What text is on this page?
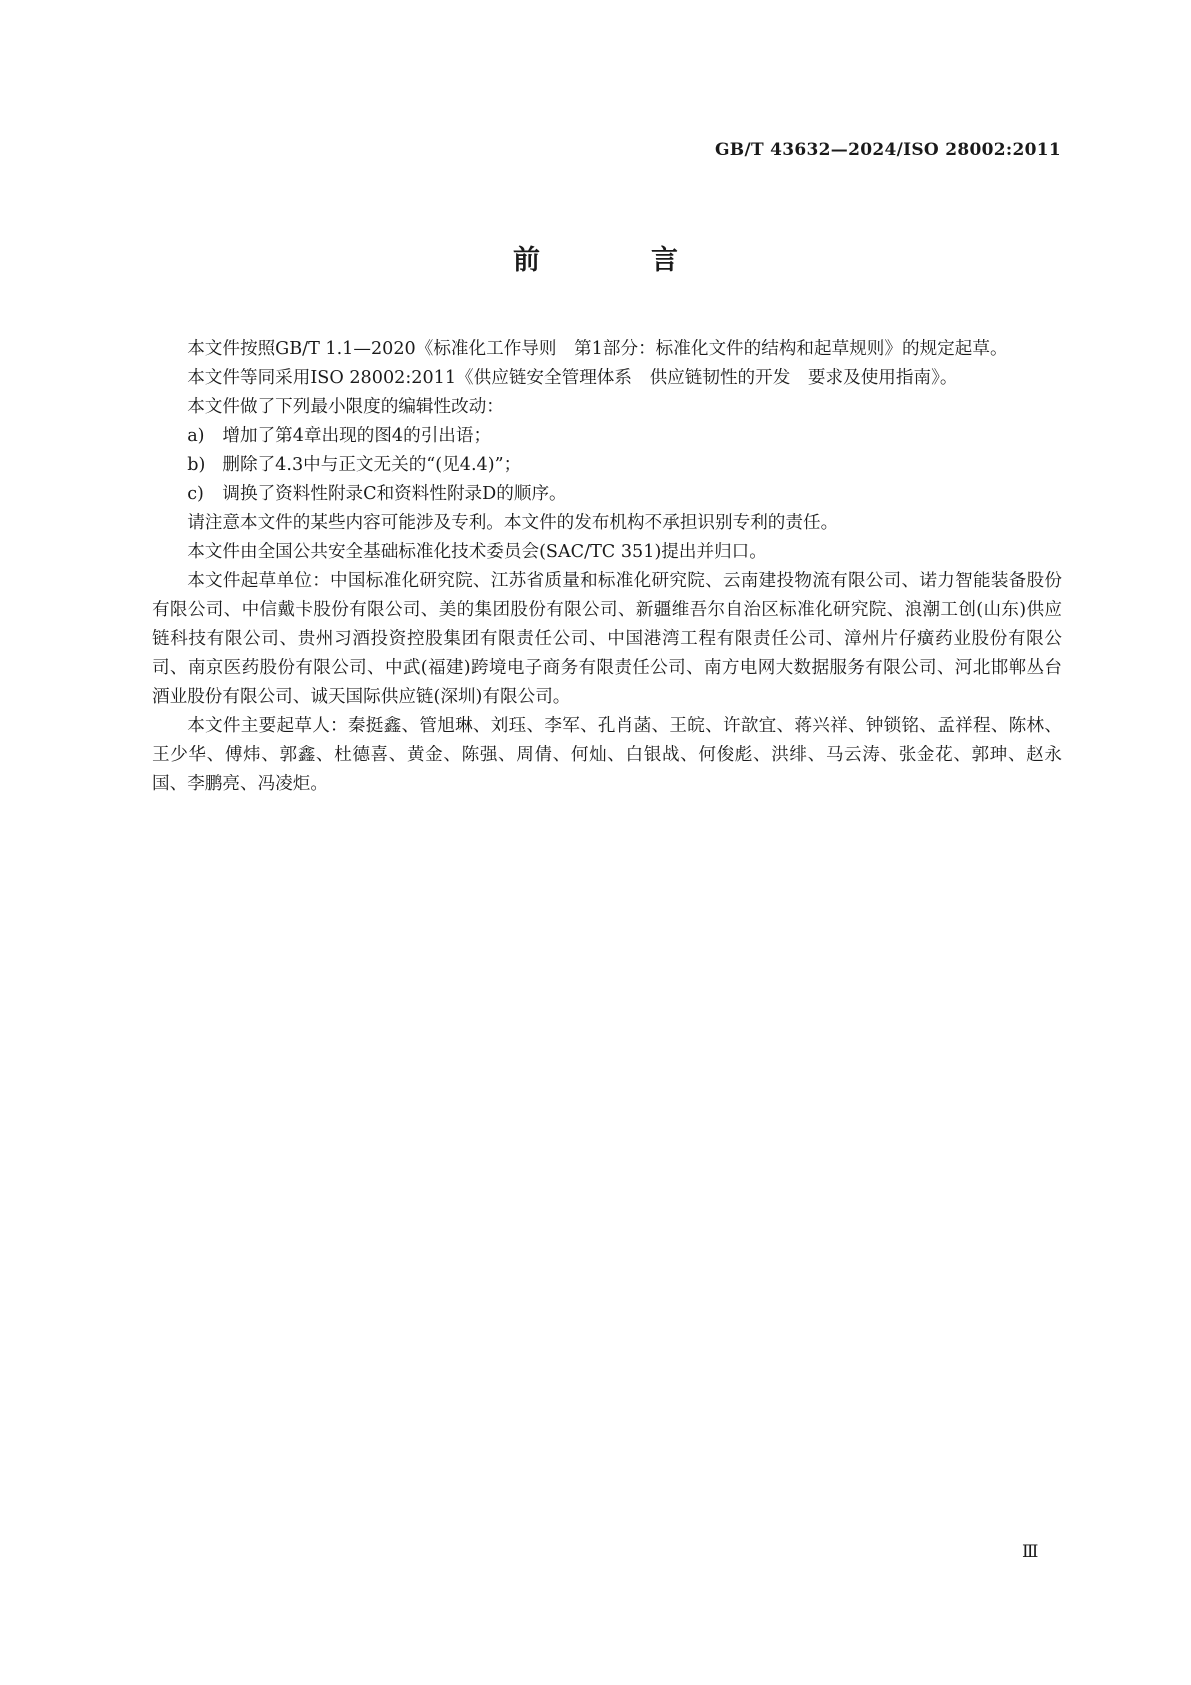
GB/T 43632—2024/ISO 28002:2011
前　言

本文件按照GB/T 1.1—2020《标准化工作导则　第1部分：标准化文件的结构和起草规则》的规定起草。

本文件等同采用ISO 28002:2011《供应链安全管理体系　供应链韧性的开发　要求及使用指南》。

本文件做了下列最小限度的编辑性改动：

a) 增加了第4章出现的图4的引出语；

b) 删除了4.3中与正文无关的“(见4.4)”；

c) 调换了资料性附录C和资料性附录D的顺序。

请注意本文件的某些内容可能涉及专利。本文件的发布机构不承担识别专利的责任。

本文件由全国公共安全基础标准化技术委员会(SAC/TC 351)提出并归口。

本文件起草单位：中国标准化研究院、江苏省质量和标准化研究院、云南建投物流有限公司、诺力智能装备股份有限公司、中信戴卡股份有限公司、美的集团股份有限公司、新疆维吾尔自治区标准化研究院、浪潮工创(山东)供应链科技有限公司、贵州习酒投资控股集团有限责任公司、中国港湾工程有限责任公司、漳州片仔癀药业股份有限公司、南京医药股份有限公司、中武(福建)跨境电子商务有限责任公司、南方电网大数据服务有限公司、河北邯郸丛台酒业股份有限公司、诚天国际供应链(深圳)有限公司。

本文件主要起草人：秦挺鑫、管旭琳、刘珏、李军、孔肖菡、王皖、许歆宜、蒋兴祥、钟锁铭、孟祥程、陈林、王少华、傅炜、郭鑫、杜德喜、黄金、陈强、周倩、何灿、白银战、何俊彪、洪绯、马云涛、张金花、郭珅、赵永国、李鹏亮、冯凌炬。

Ⅲ
